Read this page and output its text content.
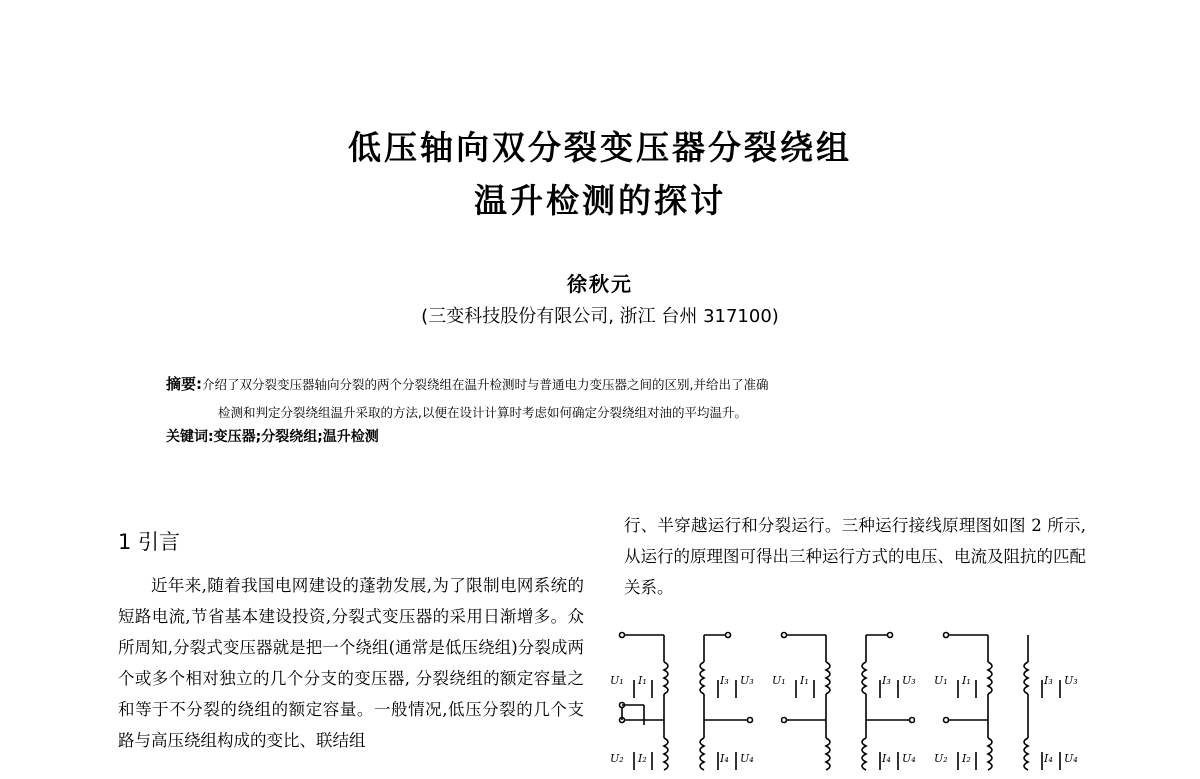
低压轴向双分裂变压器分裂绕组
温升检测的探讨
徐秋元
(三变科技股份有限公司, 浙江 台州 317100)
摘要:介绍了双分裂变压器轴向分裂的两个分裂绕组在温升检测时与普通电力变压器之间的区别,并给出了准确
检测和判定分裂绕组温升采取的方法,以便在设计计算时考虑如何确定分裂绕组对油的平均温升。
关键词:变压器;分裂绕组;温升检测
1 引言

近年来,随着我国电网建设的蓬勃发展,为了限制电网系统的短路电流,节省基本建设投资,分裂式变压器的采用日渐增多。众所周知,分裂式变压器就是把一个绕组(通常是低压绕组)分裂成两个或多个相对独立的几个分支的变压器, 分裂绕组的额定容量之和等于不分裂的绕组的额定容量。一般情况,低压分裂的几个支路与高压绕组构成的变比、联结组

行、半穿越运行和分裂运行。三种运行接线原理图如图 2 所示, 从运行的原理图可得出三种运行方式的电压、电流及阻抗的匹配关系。

U₁ I₁
U₂ I₂
I₃ U₃
I₄ U₄
U₁ I₁	I₃ U₃
I₄ U₄
U₁ I₁
U₂ I₂
I₃ U₃
I₄ U₄
